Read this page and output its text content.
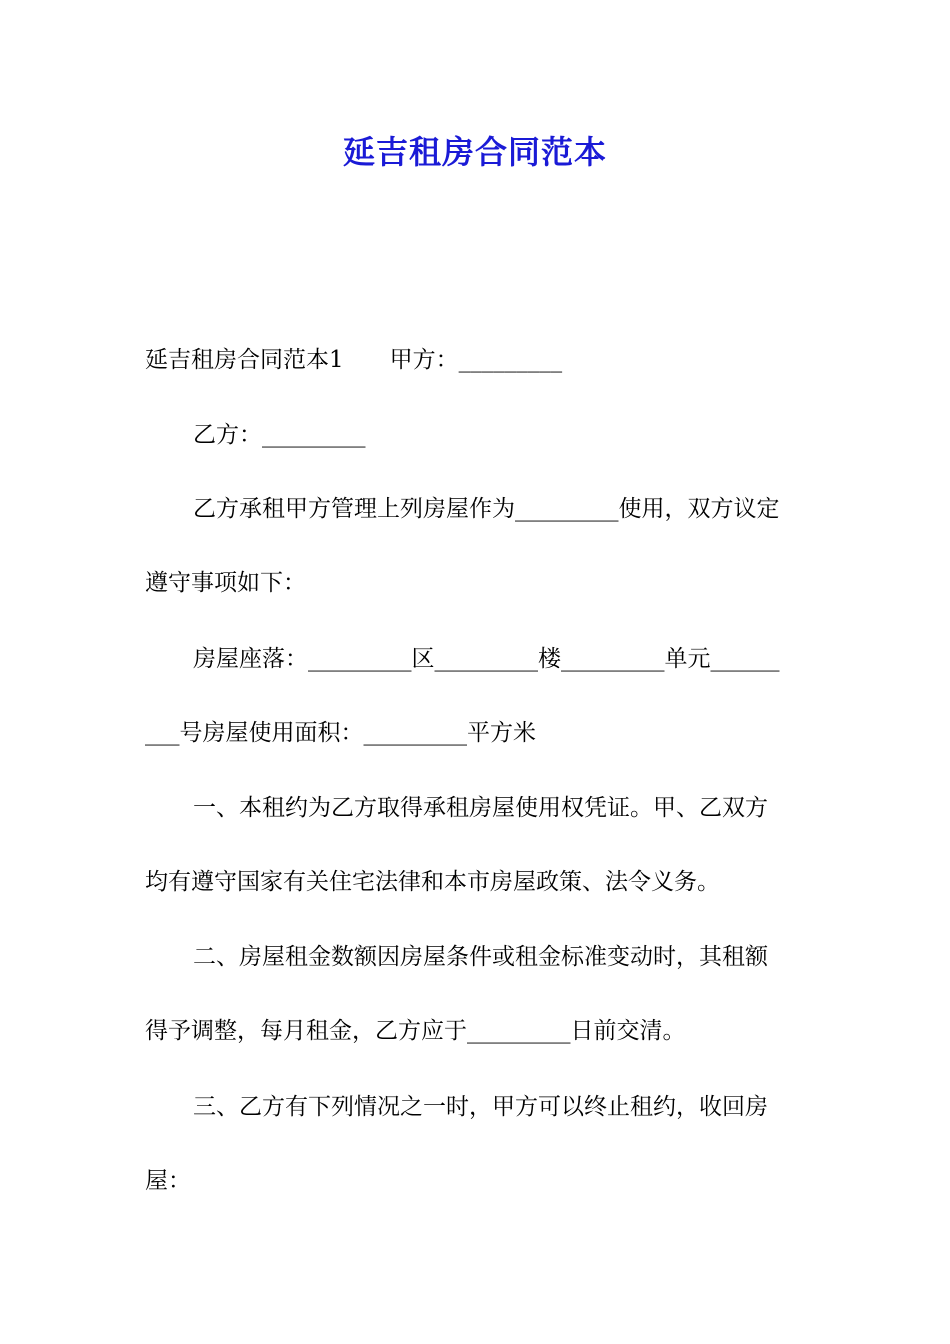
延吉租房合同范本
延吉租房合同范本1　　甲方：_________
乙方：_________
乙方承租甲方管理上列房屋作为_________使用，双方议定
遵守事项如下：
房屋座落：_________区_________楼_________单元______
___号房屋使用面积：_________平方米
一、本租约为乙方取得承租房屋使用权凭证。甲、乙双方
均有遵守国家有关住宅法律和本市房屋政策、法令义务。
二、房屋租金数额因房屋条件或租金标准变动时，其租额
得予调整，每月租金，乙方应于_________日前交清。
三、乙方有下列情况之一时，甲方可以终止租约，收回房
屋：
